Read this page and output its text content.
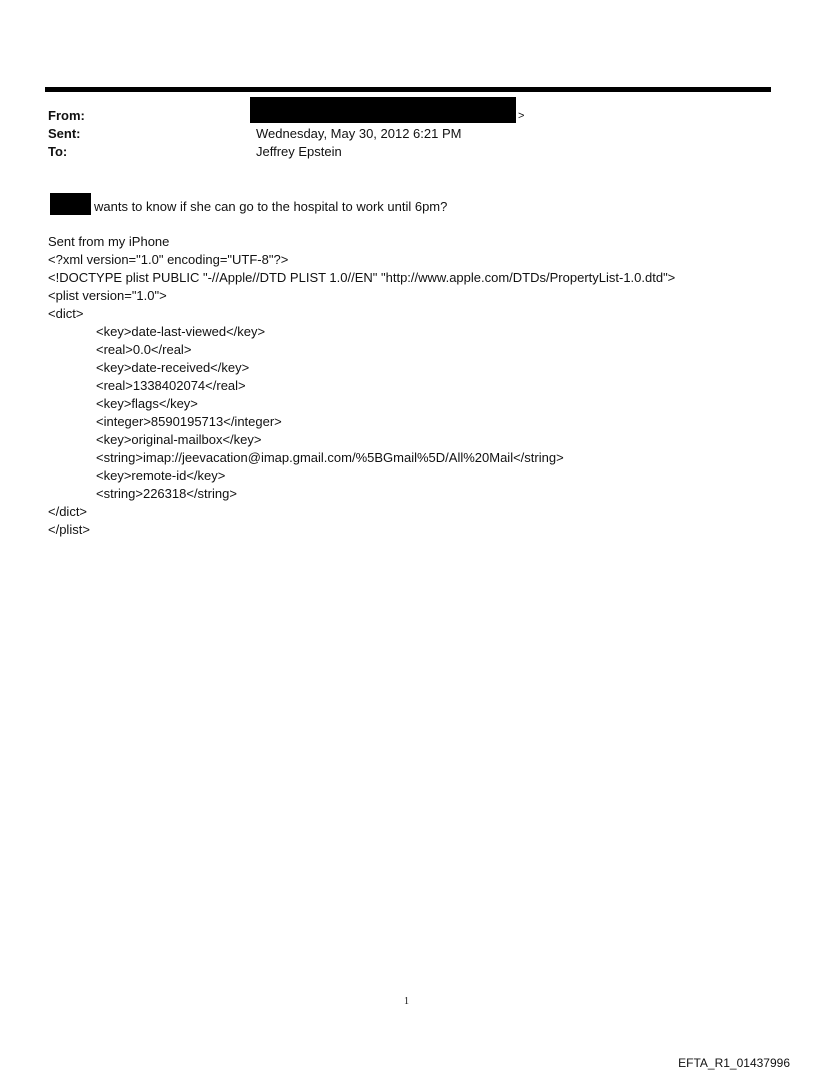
From:	>
Sent:	Wednesday, May 30, 2012 6:21 PM
To:	Jeffrey Epstein
wants to know if she can go to the hospital to work until 6pm?
Sent from my iPhone
<?xml version="1.0" encoding="UTF-8"?>
<!DOCTYPE plist PUBLIC "-//Apple//DTD PLIST 1.0//EN" "http://www.apple.com/DTDs/PropertyList-1.0.dtd">
<plist version="1.0">
<dict>
<key>date-last-viewed</key>
<real>0.0</real>
<key>date-received</key>
<real>1338402074</real>
<key>flags</key>
<integer>8590195713</integer>
<key>original-mailbox</key>
<string>imap://jeevacation@imap.gmail.com/%5BGmail%5D/All%20Mail</string>
<key>remote-id</key>
<string>226318</string>
</dict>
</plist>
1
EFTA_R1_01437996
